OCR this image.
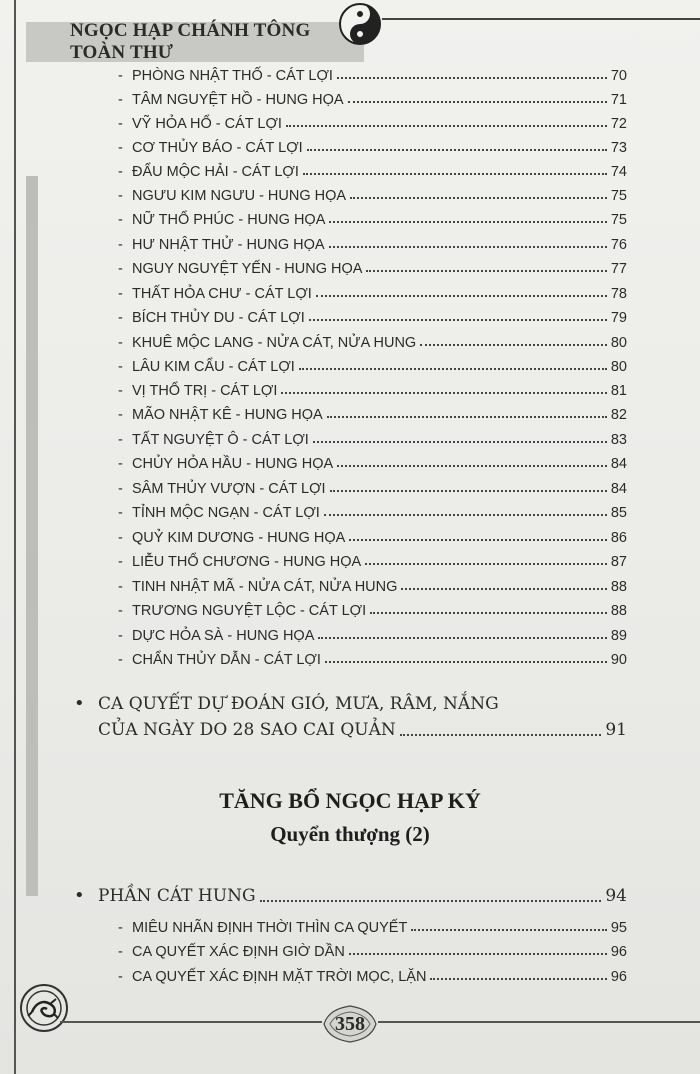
NGỌC HẠP CHÁNH TÔNG TOÀN THƯ
- PHÒNG NHẬT THỐ - CÁT LỢI	70
- TÂM NGUYỆT HỒ - HUNG HỌA	71
- VỸ HỎA HỔ - CÁT LỢI	72
- CƠ THỦY BÁO - CÁT LỢI	73
- ĐẨU MỘC HẢI - CÁT LỢI	74
- NGƯU KIM NGƯU - HUNG HỌA	75
- NỮ THỔ PHÚC - HUNG HỌA	75
- HƯ NHẬT THỬ - HUNG HỌA	76
- NGUY NGUYỆT YẾN - HUNG HỌA	77
- THẤT HỎA CHƯ - CÁT LỢI	78
- BÍCH THỦY DU - CÁT LỢI	79
- KHUÊ MỘC LANG - NỬA CÁT, NỬA HUNG	80
- LÂU KIM CẨU - CÁT LỢI	80
- VỊ THỔ TRỊ - CÁT LỢI	81
- MÃO NHẬT KÊ - HUNG HỌA	82
- TẤT NGUYỆT Ô - CÁT LỢI	83
- CHỦY HỎA HẦU - HUNG HỌA	84
- SÂM THỦY VƯỢN - CÁT LỢI	84
- TỈNH MỘC NGẠN - CÁT LỢI	85
- QUỶ KIM DƯƠNG - HUNG HỌA	86
- LIỄU THỔ CHƯƠNG - HUNG HỌA	87
- TINH NHẬT MÃ - NỬA CÁT, NỬA HUNG	88
- TRƯƠNG NGUYỆT LỘC - CÁT LỢI	88
- DỰC HỎA SÀ - HUNG HỌA	89
- CHẨN THỦY DẪN - CÁT LỢI	90
• CA QUYẾT DỰ ĐOÁN GIÓ, MƯA, RÂM, NẮNG
CỦA NGÀY DO 28 SAO CAI QUẢN	91
TĂNG BỔ NGỌC HẠP KÝ
Quyển thượng (2)
• PHẦN CÁT HUNG	94
- MIÊU NHÃN ĐỊNH THỜI THÌN CA QUYẾT	95
- CA QUYẾT XÁC ĐỊNH GIỜ DẦN	96
- CA QUYẾT XÁC ĐỊNH MẶT TRỜI MỌC, LẶN	96
358
